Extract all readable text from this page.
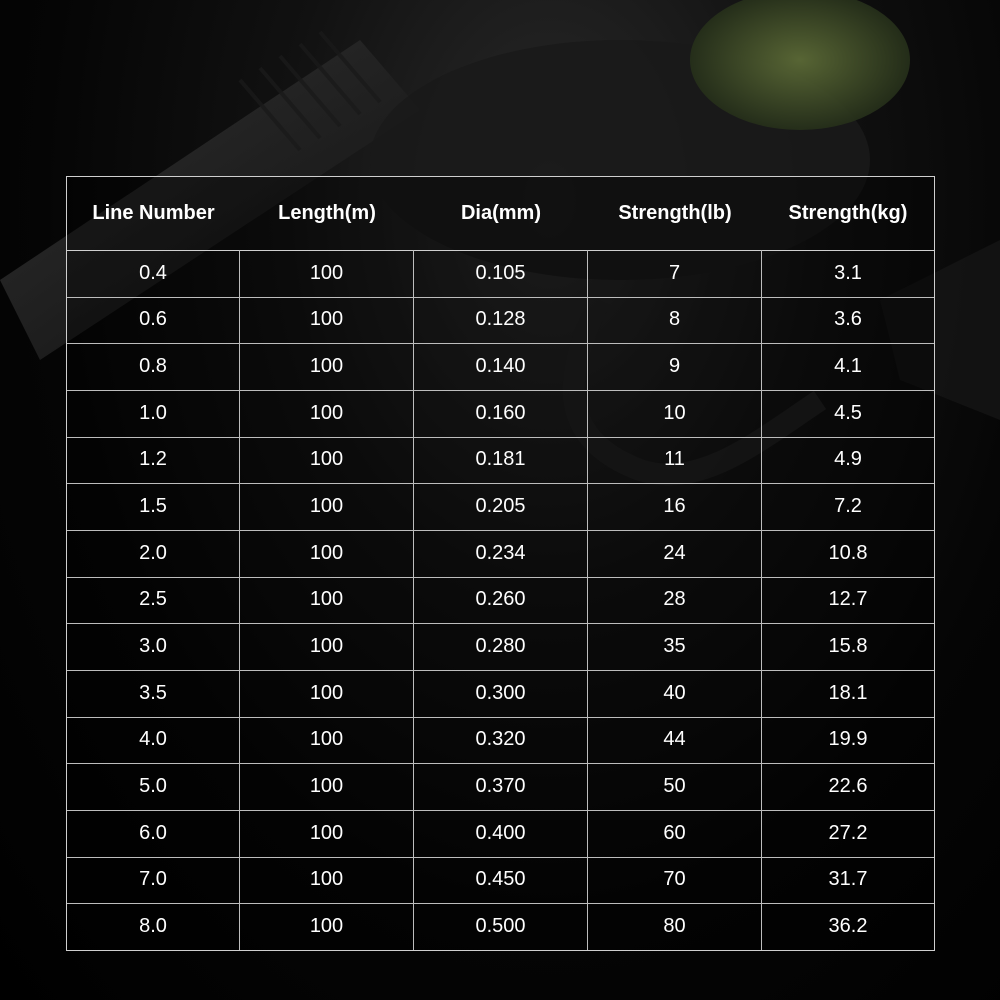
Line Number	Length(m)	Dia(mm)	Strength(lb)	Strength(kg)
0.4	100	0.105	7	3.1
0.6	100	0.128	8	3.6
0.8	100	0.140	9	4.1
1.0	100	0.160	10	4.5
1.2	100	0.181	11	4.9
1.5	100	0.205	16	7.2
2.0	100	0.234	24	10.8
2.5	100	0.260	28	12.7
3.0	100	0.280	35	15.8
3.5	100	0.300	40	18.1
4.0	100	0.320	44	19.9
5.0	100	0.370	50	22.6
6.0	100	0.400	60	27.2
7.0	100	0.450	70	31.7
8.0	100	0.500	80	36.2
